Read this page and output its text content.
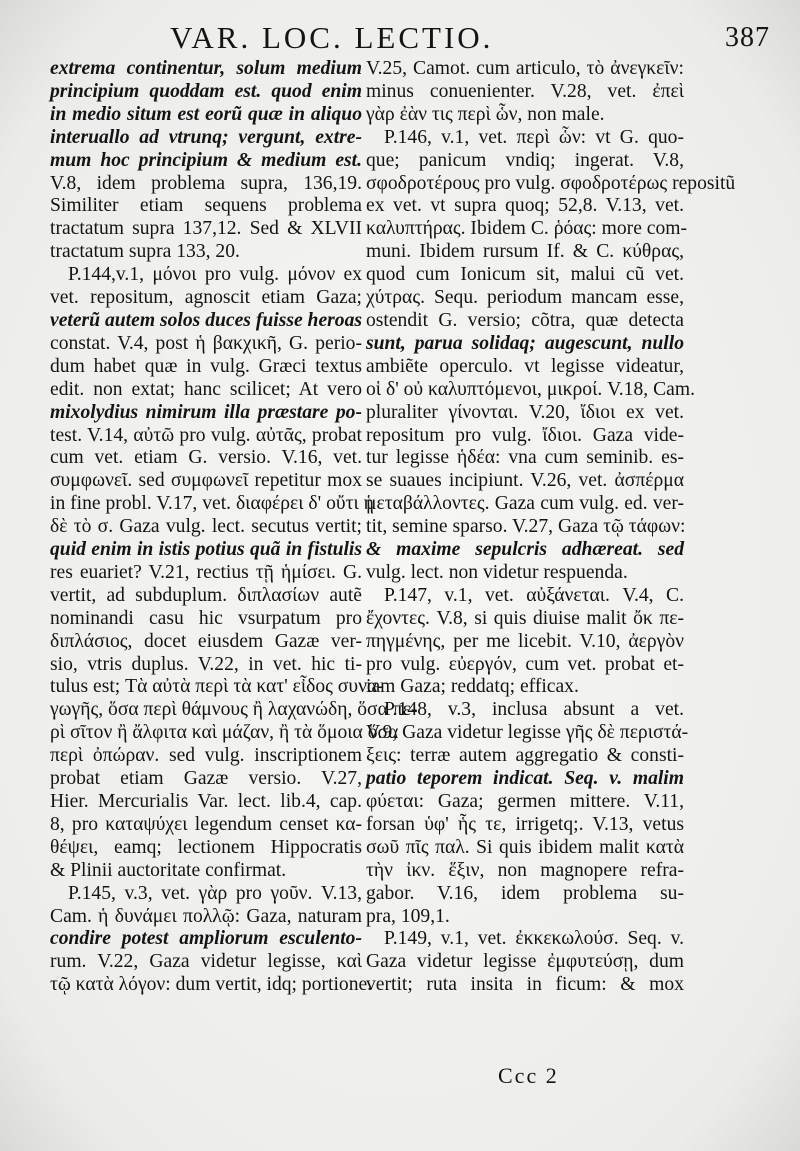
VAR. LOC. LECTIO.	387
extrema continentur, solum medium
principium quoddam est. quod enim
in medio situm est eorũ quæ in aliquo
interuallo ad vtrunq; vergunt, extre-
mum hoc principium & medium est.
V.8, idem problema supra, 136,19.
Similiter etiam sequens problema
tractatum supra 137,12. Sed & XLVII
tractatum supra 133, 20.
P.144,v.1, μόνοι pro vulg. μόνον ex
vet. repositum, agnoscit etiam Gaza;
veterũ autem solos duces fuisse heroas
constat. V.4, post ἡ βακχικῆ, G. perio-
dum habet quæ in vulg. Græci textus
edit. non extat; hanc scilicet; At vero
mixolydius nimirum illa præstare po-
test. V.14, αὐτῶ pro vulg. αὐτᾶς, probat
cum vet. etiam G. versio. V.16, vet.
συμφωνεῖ. sed συμφωνεῖ repetitur mox
in fine probl. V.17, vet. διαφέρει δ' οὔτι ἡ
δὲ τὸ σ. Gaza vulg. lect. secutus vertit;
quid enim in istis potius quã in fistulis
res euariet? V.21, rectius τῇ ἡμίσει. G.
vertit, ad subduplum. διπλασίων autẽ
nominandi casu hic vsurpatum pro
διπλάσιος, docet eiusdem Gazæ ver-
sio, vtris duplus. V.22, in vet. hic ti-
tulus est; Τὰ αὐτὰ περὶ τὰ κατ' εἶδος συνα-
γωγῆς, ὅσα περὶ θάμνους ἢ λαχανώδη, ὅσα πε-
ρὶ σῖτον ἢ ἄλφιτα καὶ μάζαν, ἢ τὰ ὅμοια ὅσα
περὶ ὀπώραν. sed vulg. inscriptionem
probat etiam Gazæ versio. V.27,
Hier. Mercurialis Var. lect. lib.4, cap.
8, pro καταψύχει legendum censet κα-
θέψει, eamq; lectionem Hippocratis
& Plinii auctoritate confirmat.
P.145, v.3, vet. γὰρ pro γοῦν. V.13,
Cam. ἡ δυνάμει πολλῷ: Gaza, naturam
condire potest ampliorum esculento-
rum. V.22, Gaza videtur legisse, καὶ
τῷ κατὰ λόγον: dum vertit, idq; portione.
V.25, Camot. cum articulo, τὸ ἀνεγκεῖν:
minus conuenienter. V.28, vet. ἐπεὶ
γὰρ ἐὰν τις περὶ ὧν, non male.
P.146, v.1, vet. περὶ ὧν: vt G. quo-
que; panicum vndiq; ingerat. V.8,
σφοδροτέρους pro vulg. σφοδροτέρως repositũ
ex vet. vt supra quoq; 52,8. V.13, vet.
καλυπτήρας. Ibidem C. ῥόας: more com-
muni. Ibidem rursum If. & C. κύθρας,
quod cum Ionicum sit, malui cũ vet.
χύτρας. Sequ. periodum mancam esse,
ostendit G. versio; cõtra, quæ detecta
sunt, parua solidaq; augescunt, nullo
ambiẽte operculo. vt legisse videatur,
οἱ δ' οὐ καλυπτόμενοι, μικροί. V.18, Cam.
pluraliter γίνονται. V.20, ἴδιοι ex vet.
repositum pro vulg. ἴδιοι. Gaza vide-
tur legisse ἡδέα: vna cum seminib. es-
se suaues incipiunt. V.26, vet. ἀσπέρμα
μεταβάλλοντες. Gaza cum vulg. ed. ver-
tit, semine sparso. V.27, Gaza τῷ τάφων:
& maxime sepulcris adhæreat. sed
vulg. lect. non videtur respuenda.
P.147, v.1, vet. αὐξάνεται. V.4, C.
ἔχοντες. V.8, si quis diuise malit ὄκ πε-
πηγμένης, per me licebit. V.10, ἀεργὸν
pro vulg. εὐεργόν, cum vet. probat et-
iam Gaza; reddatq; efficax.
P.148, v.3, inclusa absunt a vet.
V.9, Gaza videtur legisse γῆς δὲ περιστά-
ξεις: terræ autem aggregatio & consti-
patio teporem indicat. Seq. v. malim
φύεται: Gaza; germen mittere. V.11,
forsan ὑφ' ἧς τε, irrigetq;. V.13, vetus
σωῦ πῖς παλ. Si quis ibidem malit κατὰ
τὴν ἰκν. ἕξιν, non magnopere refra-
gabor. V.16, idem problema su-
pra, 109,1.
P.149, v.1, vet. ἐκκεκωλούσ. Seq. v.
Gaza videtur legisse ἐμφυτεύσῃ, dum
vertit; ruta insita in ficum: & mox
Ccc 2
